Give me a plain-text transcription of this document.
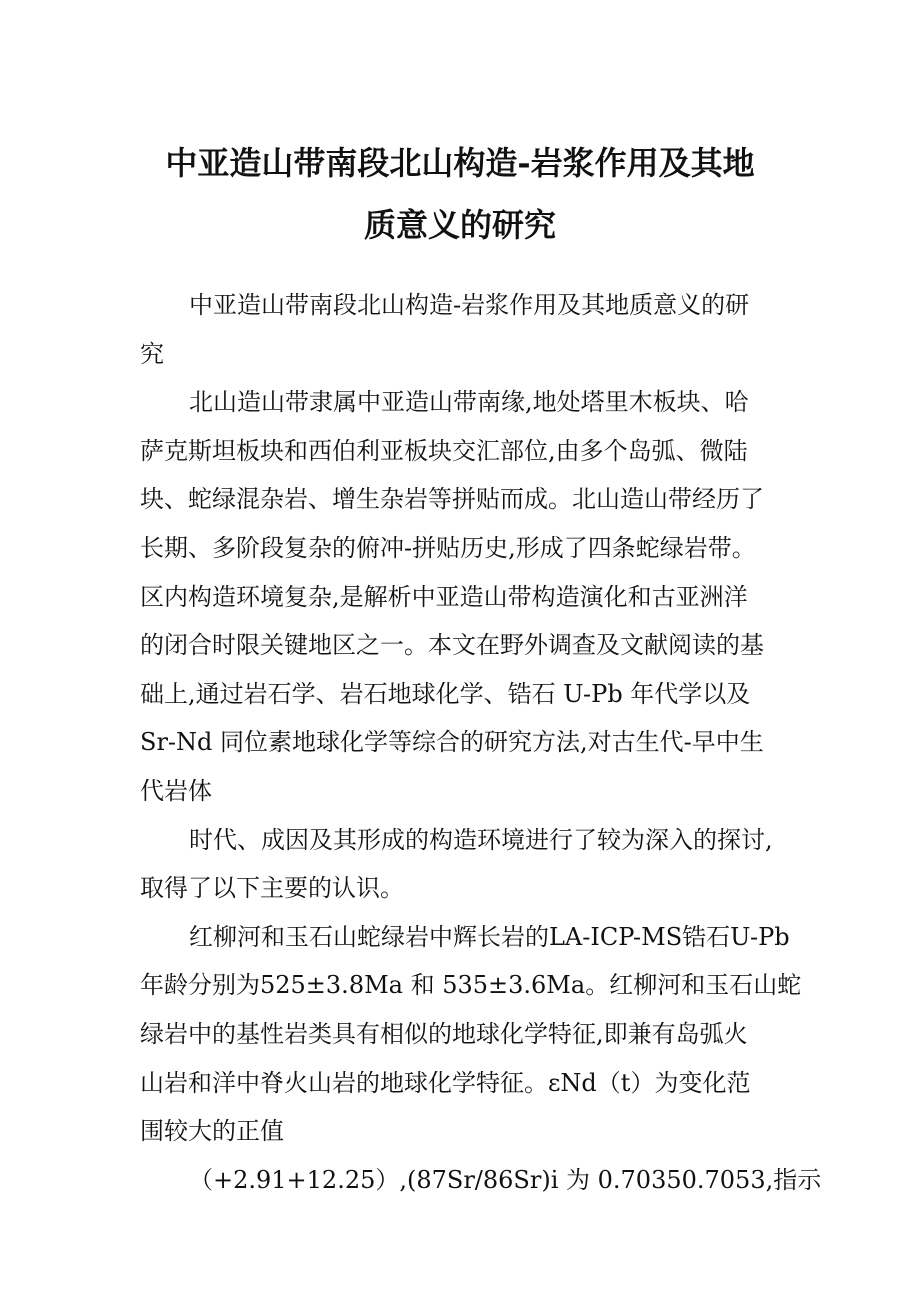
中亚造山带南段北山构造-岩浆作用及其地
质意义的研究
中亚造山带南段北山构造-岩浆作用及其地质意义的研
究
北山造山带隶属中亚造山带南缘,地处塔里木板块、哈
萨克斯坦板块和西伯利亚板块交汇部位,由多个岛弧、微陆
块、蛇绿混杂岩、增生杂岩等拼贴而成。北山造山带经历了
长期、多阶段复杂的俯冲-拼贴历史,形成了四条蛇绿岩带。
区内构造环境复杂,是解析中亚造山带构造演化和古亚洲洋
的闭合时限关键地区之一。本文在野外调查及文献阅读的基
础上,通过岩石学、岩石地球化学、锆石 U-Pb 年代学以及
Sr-Nd 同位素地球化学等综合的研究方法,对古生代-早中生
代岩体
时代、成因及其形成的构造环境进行了较为深入的探讨,
取得了以下主要的认识。
红柳河和玉石山蛇绿岩中辉长岩的LA-ICP-MS锆石U-Pb
年龄分别为525±3.8Ma 和 535±3.6Ma。红柳河和玉石山蛇
绿岩中的基性岩类具有相似的地球化学特征,即兼有岛弧火
山岩和洋中脊火山岩的地球化学特征。εNd（t）为变化范
围较大的正值
（+2.91+12.25）,(87Sr/86Sr)i 为 0.70350.7053,指示
